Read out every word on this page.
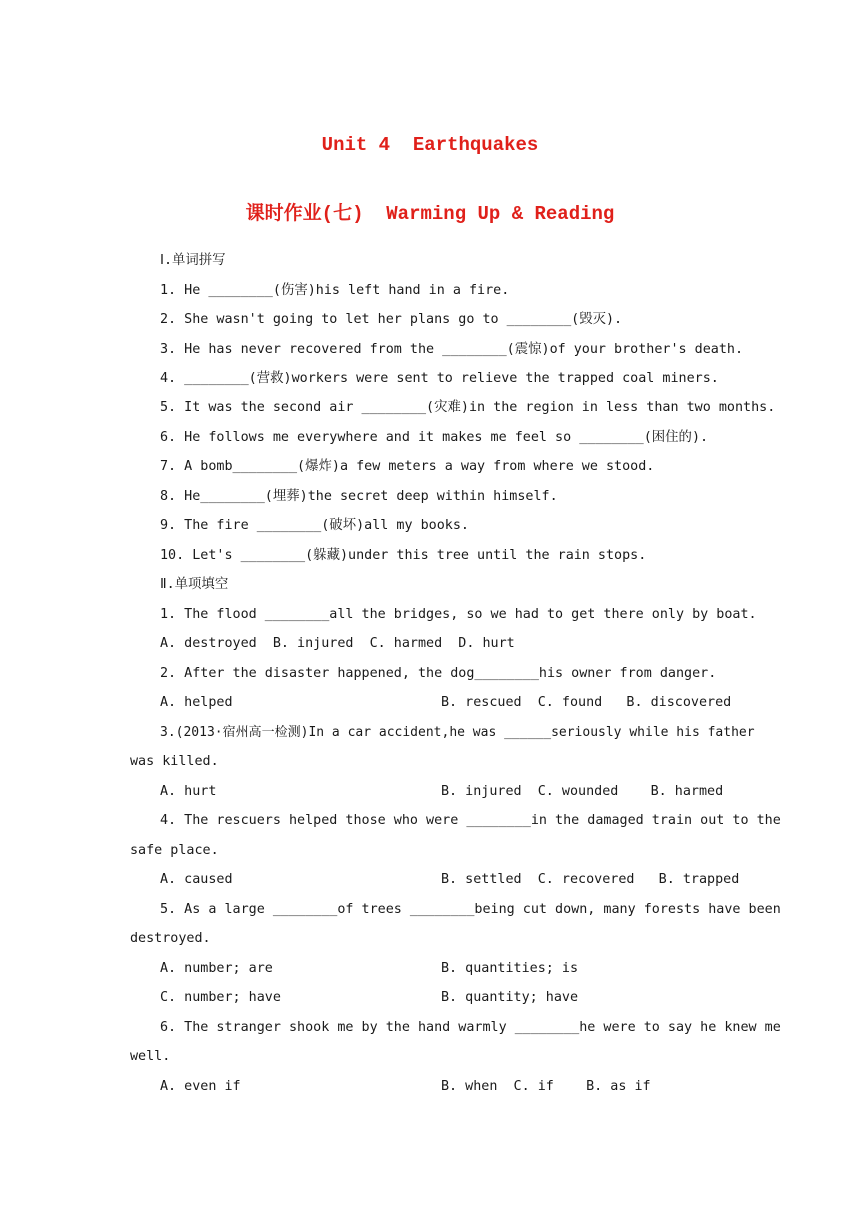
Unit 4  Earthquakes
课时作业(七)  Warming Up & Reading
Ⅰ.单词拼写
1. He ________(伤害)his left hand in a fire.
2. She wasn't going to let her plans go to ________(毁灭).
3. He has never recovered from the ________(震惊)of your brother's death.
4. ________(营救)workers were sent to relieve the trapped coal miners.
5. It was the second air ________(灾难)in the region in less than two months.
6. He follows me everywhere and it makes me feel so ________(困住的).
7. A bomb________(爆炸)a few meters a way from where we stood.
8. He________(埋葬)the secret deep within himself.
9. The fire ________(破坏)all my books.
10. Let's ________(躲藏)under this tree until the rain stops.
Ⅱ.单项填空
1. The flood ________all the bridges, so we had to get there only by boat.
A. destroyed  B. injured  C. harmed  D. hurt
2. After the disaster happened, the dog________his owner from danger.
A. helped	B. rescued  C. found   B. discovered
3.(2013·宿州高一检测)In a car accident,he was ______seriously while his father
was killed.
A. hurt	B. injured  C. wounded    B. harmed
4. The rescuers helped those who were ________in the damaged train out to the
safe place.
A. caused	B. settled  C. recovered   B. trapped
5. As a large ________of trees ________being cut down, many forests have been
destroyed.
A. number; are	B. quantities; is
C. number; have	B. quantity; have
6. The stranger shook me by the hand warmly ________he were to say he knew me
well.
A. even if	B. when  C. if    B. as if
